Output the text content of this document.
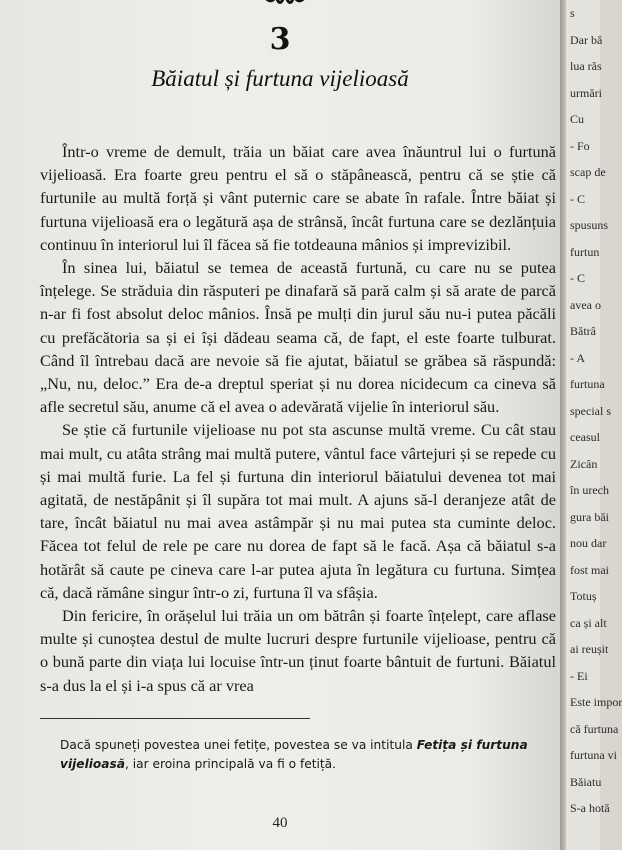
3
Băiatul și furtuna vijelioasă

Într-o vreme de demult, trăia un băiat care avea înăuntrul lui o furtună vijelioasă. Era foarte greu pentru el să o stăpânească, pentru că se știe că furtunile au multă forță și vânt puternic care se abate în rafale. Între băiat și furtuna vijelioasă era o legătură așa de strânsă, încât furtuna care se dezlănțuia continuu în interiorul lui îl făcea să fie totdeauna mânios și imprevizibil.

În sinea lui, băiatul se temea de această furtună, cu care nu se putea înțelege. Se străduia din răsputeri pe dinafară să pară calm și să arate de parcă n-ar fi fost absolut deloc mânios. Însă pe mulți din jurul său nu-i putea păcăli cu prefăcătoria sa și ei își dădeau seama că, de fapt, el este foarte tulburat. Când îl întrebau dacă are nevoie să fie ajutat, băiatul se grăbea să răspundă: „Nu, nu, deloc.” Era de-a dreptul speriat și nu dorea nicidecum ca cineva să afle secretul său, anume că el avea o adevărată vijelie în interiorul său.

Se știe că furtunile vijelioase nu pot sta ascunse multă vreme. Cu cât stau mai mult, cu atâta strâng mai multă putere, vântul face vârtejuri și se repede cu și mai multă furie. La fel și furtuna din interiorul băiatului devenea tot mai agitată, de nestăpânit și îl supăra tot mai mult. A ajuns să-l deranjeze atât de tare, încât băiatul nu mai avea astâmpăr și nu mai putea sta cuminte deloc. Făcea tot felul de rele pe care nu dorea de fapt să le facă. Așa că băiatul s-a hotărât să caute pe cineva care l-ar putea ajuta în legătura cu furtuna. Simțea că, dacă rămâne singur într-o zi, furtuna îl va sfâșia.

Din fericire, în orășelul lui trăia un om bătrân și foarte înțelept, care aflase multe și cunoștea destul de multe lucruri despre furtunile vijelioase, pentru că o bună parte din viața lui locuise într-un ținut foarte bântuit de furtuni. Băiatul s-a dus la el și i-a spus că ar vrea

Dacă spuneți povestea unei fetițe, povestea se va intitula Fetița și furtuna vijelioasă, iar eroina principală va fi o fetiță.
40
s
Dar bă
lua răs
urmări
Cu
- Fo
scap de
- C
spusuns
furtun
- C
avea o
Bătrâ
- A
furtuna
special s
ceasul
Zicân
în urech
gura băi
nou dar
fost mai
Totuș
ca și alt
ai reușit
- Ei
Este impor
că furtuna
furtuna vi
Băiatu
S-a hotă
